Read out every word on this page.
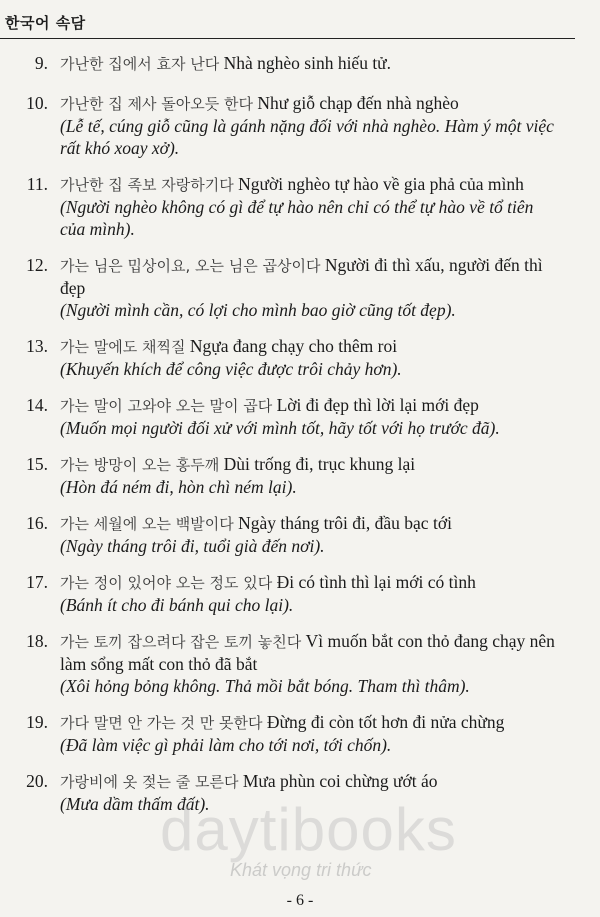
한국어 속담
9. 가난한 집에서 효자 난다 Nhà nghèo sinh hiếu tử.
10. 가난한 집 제사 돌아오듯 한다 Như giỗ chạp đến nhà nghèo
(Lễ tế, cúng giỗ cũng là gánh nặng đối với nhà nghèo. Hàm ý một việc rất khó xoay xở).
11. 가난한 집 족보 자랑하기다 Người nghèo tự hào về gia phả của mình
(Người nghèo không có gì để tự hào nên chỉ có thể tự hào về tổ tiên của mình).
12. 가는 님은 밉상이요, 오는 님은 곱상이다 Người đi thì xấu, người đến thì đẹp
(Người mình cần, có lợi cho mình bao giờ cũng tốt đẹp).
13. 가는 말에도 채찍질 Ngựa đang chạy cho thêm roi
(Khuyến khích để công việc được trôi chảy hơn).
14. 가는 말이 고와야 오는 말이 곱다 Lời đi đẹp thì lời lại mới đẹp
(Muốn mọi người đối xử với mình tốt, hãy tốt với họ trước đã).
15. 가는 방망이 오는 홍두깨 Dùi trống đi, trục khung lại
(Hòn đá ném đi, hòn chì ném lại).
16. 가는 세월에 오는 백발이다 Ngày tháng trôi đi, đầu bạc tới
(Ngày tháng trôi đi, tuổi già đến nơi).
17. 가는 정이 있어야 오는 정도 있다 Đi có tình thì lại mới có tình
(Bánh ít cho đi bánh qui cho lại).
18. 가는 토끼 잡으려다 잡은 토끼 놓친다 Vì muốn bắt con thỏ đang chạy nên làm sổng mất con thỏ đã bắt
(Xôi hỏng bỏng không. Thả mồi bắt bóng. Tham thì thâm).
19. 가다 말면 안 가는 것 만 못한다 Đừng đi còn tốt hơn đi nửa chừng
(Đã làm việc gì phải làm cho tới nơi, tới chốn).
20. 가랑비에 옷 젖는 줄 모른다 Mưa phùn coi chừng ướt áo
(Mưa dầm thấm đất).
daytibooks
Khát vọng tri thức
- 6 -
